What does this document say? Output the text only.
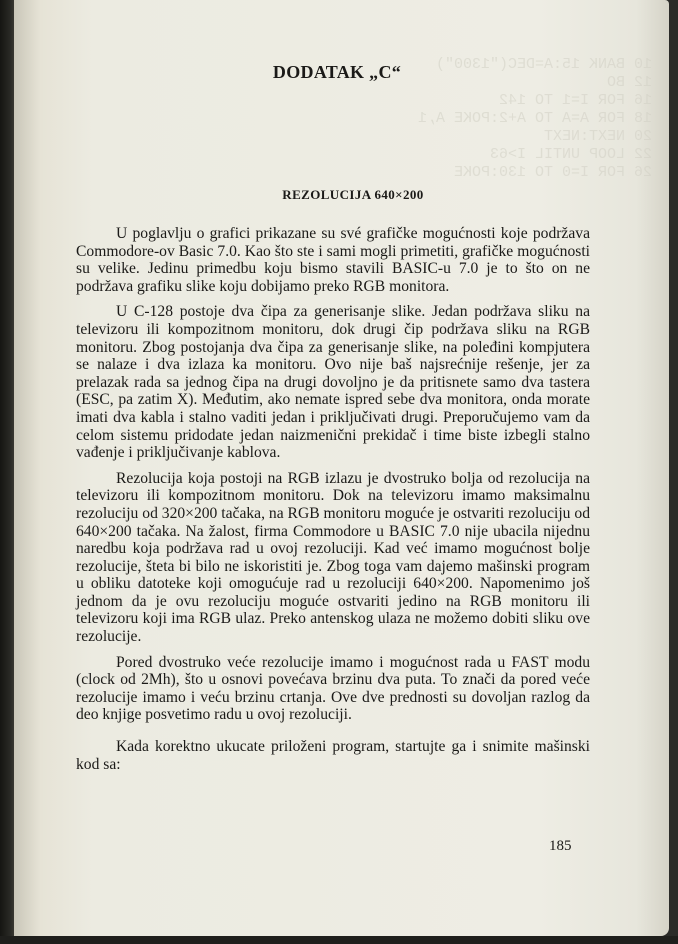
10 BANK 15:A=DEC("1300")
12 BO
16 FOR I=1 TO 142
18 FOR A=A TO A+2:POKE A,1
20 NEXT:NEXT
22 LOOP UNTIL I>63
26 FOR I=0 TO 130:POKE
DODATAK „C“
REZOLUCIJA 640×200

U poglavlju o grafici prikazane su své grafičke mogućnosti koje podržava Commodore-ov Basic 7.0. Kao što ste i sami mogli primetiti, grafičke mogućnosti su velike. Jedinu primedbu koju bismo stavili BASIC-u 7.0 je to što on ne podržava grafiku slike koju dobijamo preko RGB monitora.

U C-128 postoje dva čipa za generisanje slike. Jedan podržava sliku na televizoru ili kompozitnom monitoru, dok drugi čip podržava sliku na RGB monitoru. Zbog postojanja dva čipa za generisanje slike, na poleđini kompjutera se nalaze i dva izlaza ka monitoru. Ovo nije baš najsrećnije rešenje, jer za prelazak rada sa jednog čipa na drugi dovoljno je da pritisnete samo dva tastera (ESC, pa zatim X). Međutim, ako nemate ispred sebe dva monitora, onda morate imati dva kabla i stalno vaditi jedan i priključivati drugi. Preporučujemo vam da celom sistemu pridodate jedan naizmenični prekidač i time biste izbegli stalno vađenje i priključivanje kablova.

Rezolucija koja postoji na RGB izlazu je dvostruko bolja od rezolucija na televizoru ili kompozitnom monitoru. Dok na televizoru imamo maksimalnu rezoluciju od 320×200 tačaka, na RGB monitoru moguće je ostvariti rezoluciju od 640×200 tačaka. Na žalost, firma Commodore u BASIC 7.0 nije ubacila nijednu naredbu koja podržava rad u ovoj rezoluciji. Kad već imamo mogućnost bolje rezolucije, šteta bi bilo ne iskoristiti je. Zbog toga vam dajemo mašinski program u obliku datoteke koji omogućuje rad u rezoluciji 640×200. Napomenimo još jednom da je ovu rezoluciju moguće ostvariti jedino na RGB monitoru ili televizoru koji ima RGB ulaz. Preko antenskog ulaza ne možemo dobiti sliku ove rezolucije.

Pored dvostruko veće rezolucije imamo i mogućnost rada u FAST modu (clock od 2Mh), što u osnovi povećava brzinu dva puta. To znači da pored veće rezolucije imamo i veću brzinu crtanja. Ove dve prednosti su dovoljan razlog da deo knjige posvetimo radu u ovoj rezoluciji.

Kada korektno ukucate priloženi program, startujte ga i snimite mašinski kod sa:

185
